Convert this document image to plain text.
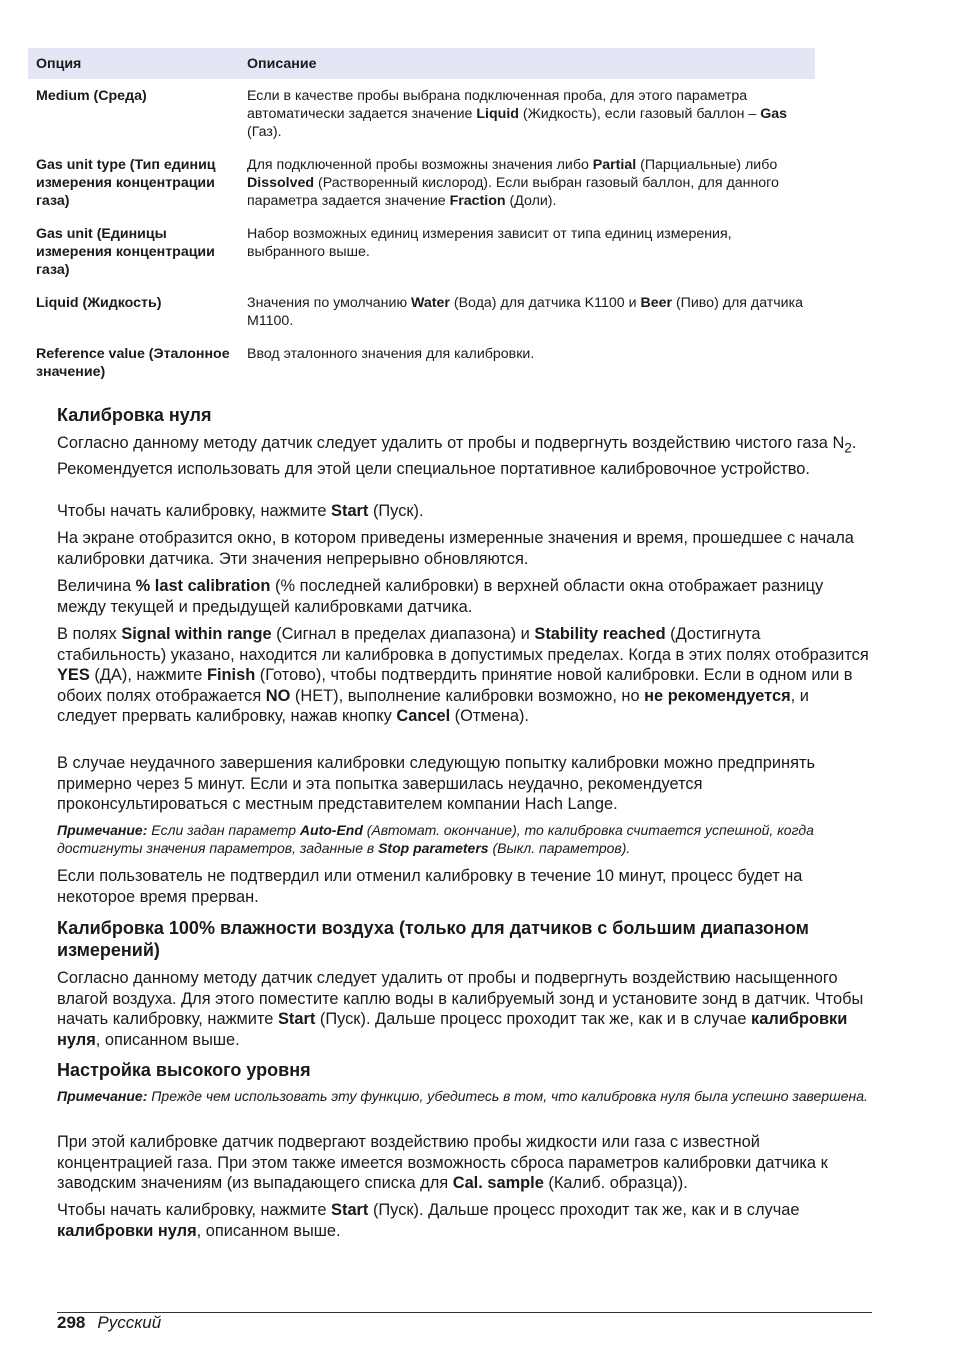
Опция	Описание
Medium (Среда)	Если в качестве пробы выбрана подключенная проба, для этого параметра автоматически задается значение Liquid (Жидкость), если газовый баллон – Gas (Газ).
Gas unit type (Тип единиц измерения концентрации газа)	Для подключенной пробы возможны значения либо Partial (Парциальные) либо Dissolved (Растворенный кислород). Если выбран газовый баллон, для данного параметра задается значение Fraction (Доли).
Gas unit (Единицы измерения концентрации газа)	Набор возможных единиц измерения зависит от типа единиц измерения, выбранного выше.
Liquid (Жидкость)	Значения по умолчанию Water (Вода) для датчика K1100 и Beer (Пиво) для датчика M1100.
Reference value (Эталонное значение)	Ввод эталонного значения для калибровки.
Калибровка нуля

Согласно данному методу датчик следует удалить от пробы и подвергнуть воздействию чистого газа $N_2$. Рекомендуется использовать для этой цели специальное портативное калибровочное устройство.

Чтобы начать калибровку, нажмите Start (Пуск).

На экране отобразится окно, в котором приведены измеренные значения и время, прошедшее с начала калибровки датчика. Эти значения непрерывно обновляются.

Величина % last calibration (% последней калибровки) в верхней области окна отображает разницу между текущей и предыдущей калибровками датчика.

В полях Signal within range (Сигнал в пределах диапазона) и Stability reached (Достигнута стабильность) указано, находится ли калибровка в допустимых пределах. Когда в этих полях отобразится YES (ДА), нажмите Finish (Готово), чтобы подтвердить принятие новой калибровки. Если в одном или в обоих полях отображается NO (НЕТ), выполнение калибровки возможно, но не рекомендуется, и следует прервать калибровку, нажав кнопку Cancel (Отмена).

В случае неудачного завершения калибровки следующую попытку калибровки можно предпринять примерно через 5 минут. Если и эта попытка завершилась неудачно, рекомендуется проконсультироваться с местным представителем компании Hach Lange.

Примечание: Если задан параметр Auto-End (Автомат. окончание), то калибровка считается успешной, когда достигнуты значения параметров, заданные в Stop parameters (Выкл. параметров).

Если пользователь не подтвердил или отменил калибровку в течение 10 минут, процесс будет на некоторое время прерван.

Калибровка 100% влажности воздуха (только для датчиков с большим диапазоном измерений)

Согласно данному методу датчик следует удалить от пробы и подвергнуть воздействию насыщенного влагой воздуха. Для этого поместите каплю воды в калибруемый зонд и установите зонд в датчик. Чтобы начать калибровку, нажмите Start (Пуск). Дальше процесс проходит так же, как и в случае калибровки нуля, описанном выше.

Настройка высокого уровня

Примечание: Прежде чем использовать эту функцию, убедитесь в том, что калибровка нуля была успешно завершена.

При этой калибровке датчик подвергают воздействию пробы жидкости или газа с известной концентрацией газа. При этом также имеется возможность сброса параметров калибровки датчика к заводским значениям (из выпадающего списка для Cal. sample (Калиб. образца)).

Чтобы начать калибровку, нажмите Start (Пуск). Дальше процесс проходит так же, как и в случае калибровки нуля, описанном выше.

298 Русский
